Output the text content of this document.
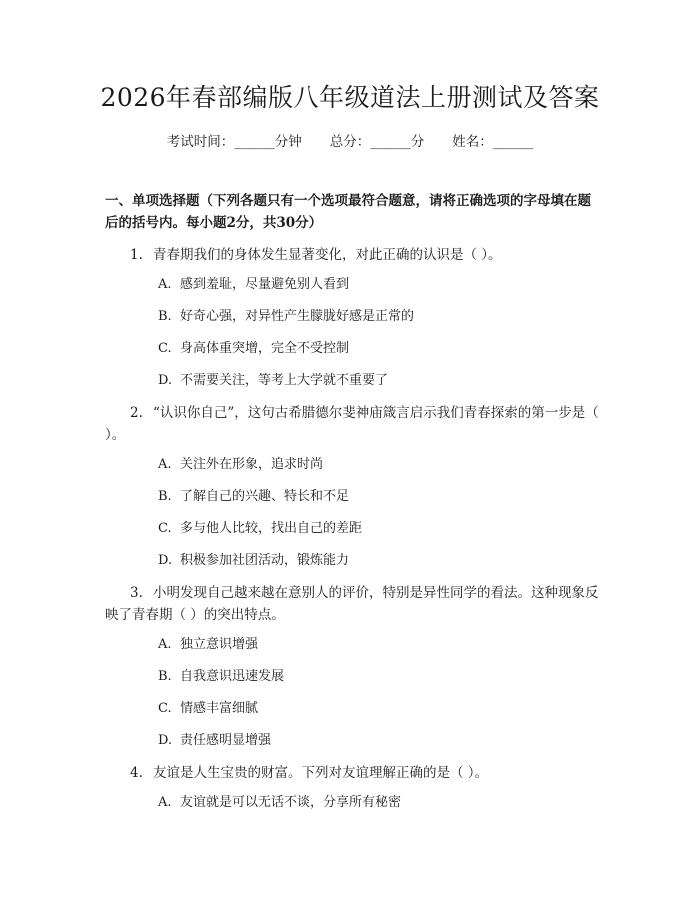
2026年春部编版八年级道法上册测试及答案
考试时间：______分钟 总分：______分 姓名：______

一、单项选择题（下列各题只有一个选项最符合题意，请将正确选项的字母填在题后的括号内。每小题2分，共30分）

1. 青春期我们的身体发生显著变化，对此正确的认识是（ ）。

A. 感到羞耻，尽量避免别人看到

B. 好奇心强，对异性产生朦胧好感是正常的

C. 身高体重突增，完全不受控制

D. 不需要关注，等考上大学就不重要了

2. “认识你自己”，这句古希腊德尔斐神庙箴言启示我们青春探索的第一步是（ ）。

A. 关注外在形象，追求时尚

B. 了解自己的兴趣、特长和不足

C. 多与他人比较，找出自己的差距

D. 积极参加社团活动，锻炼能力

3. 小明发现自己越来越在意别人的评价，特别是异性同学的看法。这种现象反映了青春期（ ）的突出特点。

A. 独立意识增强

B. 自我意识迅速发展

C. 情感丰富细腻

D. 责任感明显增强

4. 友谊是人生宝贵的财富。下列对友谊理解正确的是（ ）。

A. 友谊就是可以无话不谈，分享所有秘密
